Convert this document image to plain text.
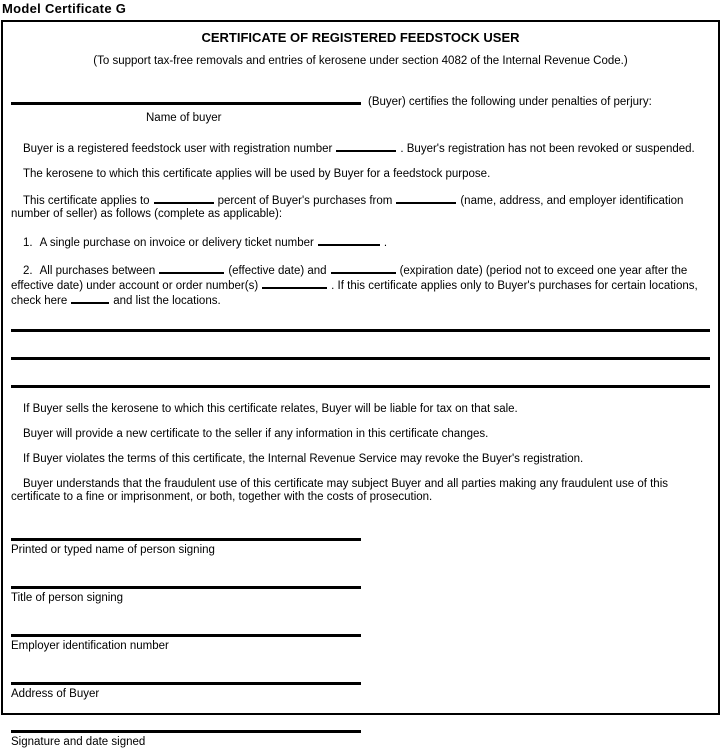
Model Certificate G
CERTIFICATE OF REGISTERED FEEDSTOCK USER
(To support tax-free removals and entries of kerosene under section 4082 of the Internal Revenue Code.)
(Buyer) certifies the following under penalties of perjury:
Name of buyer
Buyer is a registered feedstock user with registration number	. Buyer's registration has not been revoked or suspended.
The kerosene to which this certificate applies will be used by Buyer for a feedstock purpose.
This certificate applies to	percent of Buyer's purchases from	(name, address, and employer identification number of seller) as follows (complete as applicable):
1. A single purchase on invoice or delivery ticket number	.
2. All purchases between	(effective date) and	(expiration date) (period not to exceed one year after the effective date) under account or order number(s)	. If this certificate applies only to Buyer's purchases for certain locations, check here	and list the locations.
If Buyer sells the kerosene to which this certificate relates, Buyer will be liable for tax on that sale.
Buyer will provide a new certificate to the seller if any information in this certificate changes.
If Buyer violates the terms of this certificate, the Internal Revenue Service may revoke the Buyer's registration.
Buyer understands that the fraudulent use of this certificate may subject Buyer and all parties making any fraudulent use of this certificate to a fine or imprisonment, or both, together with the costs of prosecution.
Printed or typed name of person signing
Title of person signing
Employer identification number
Address of Buyer
Signature and date signed
